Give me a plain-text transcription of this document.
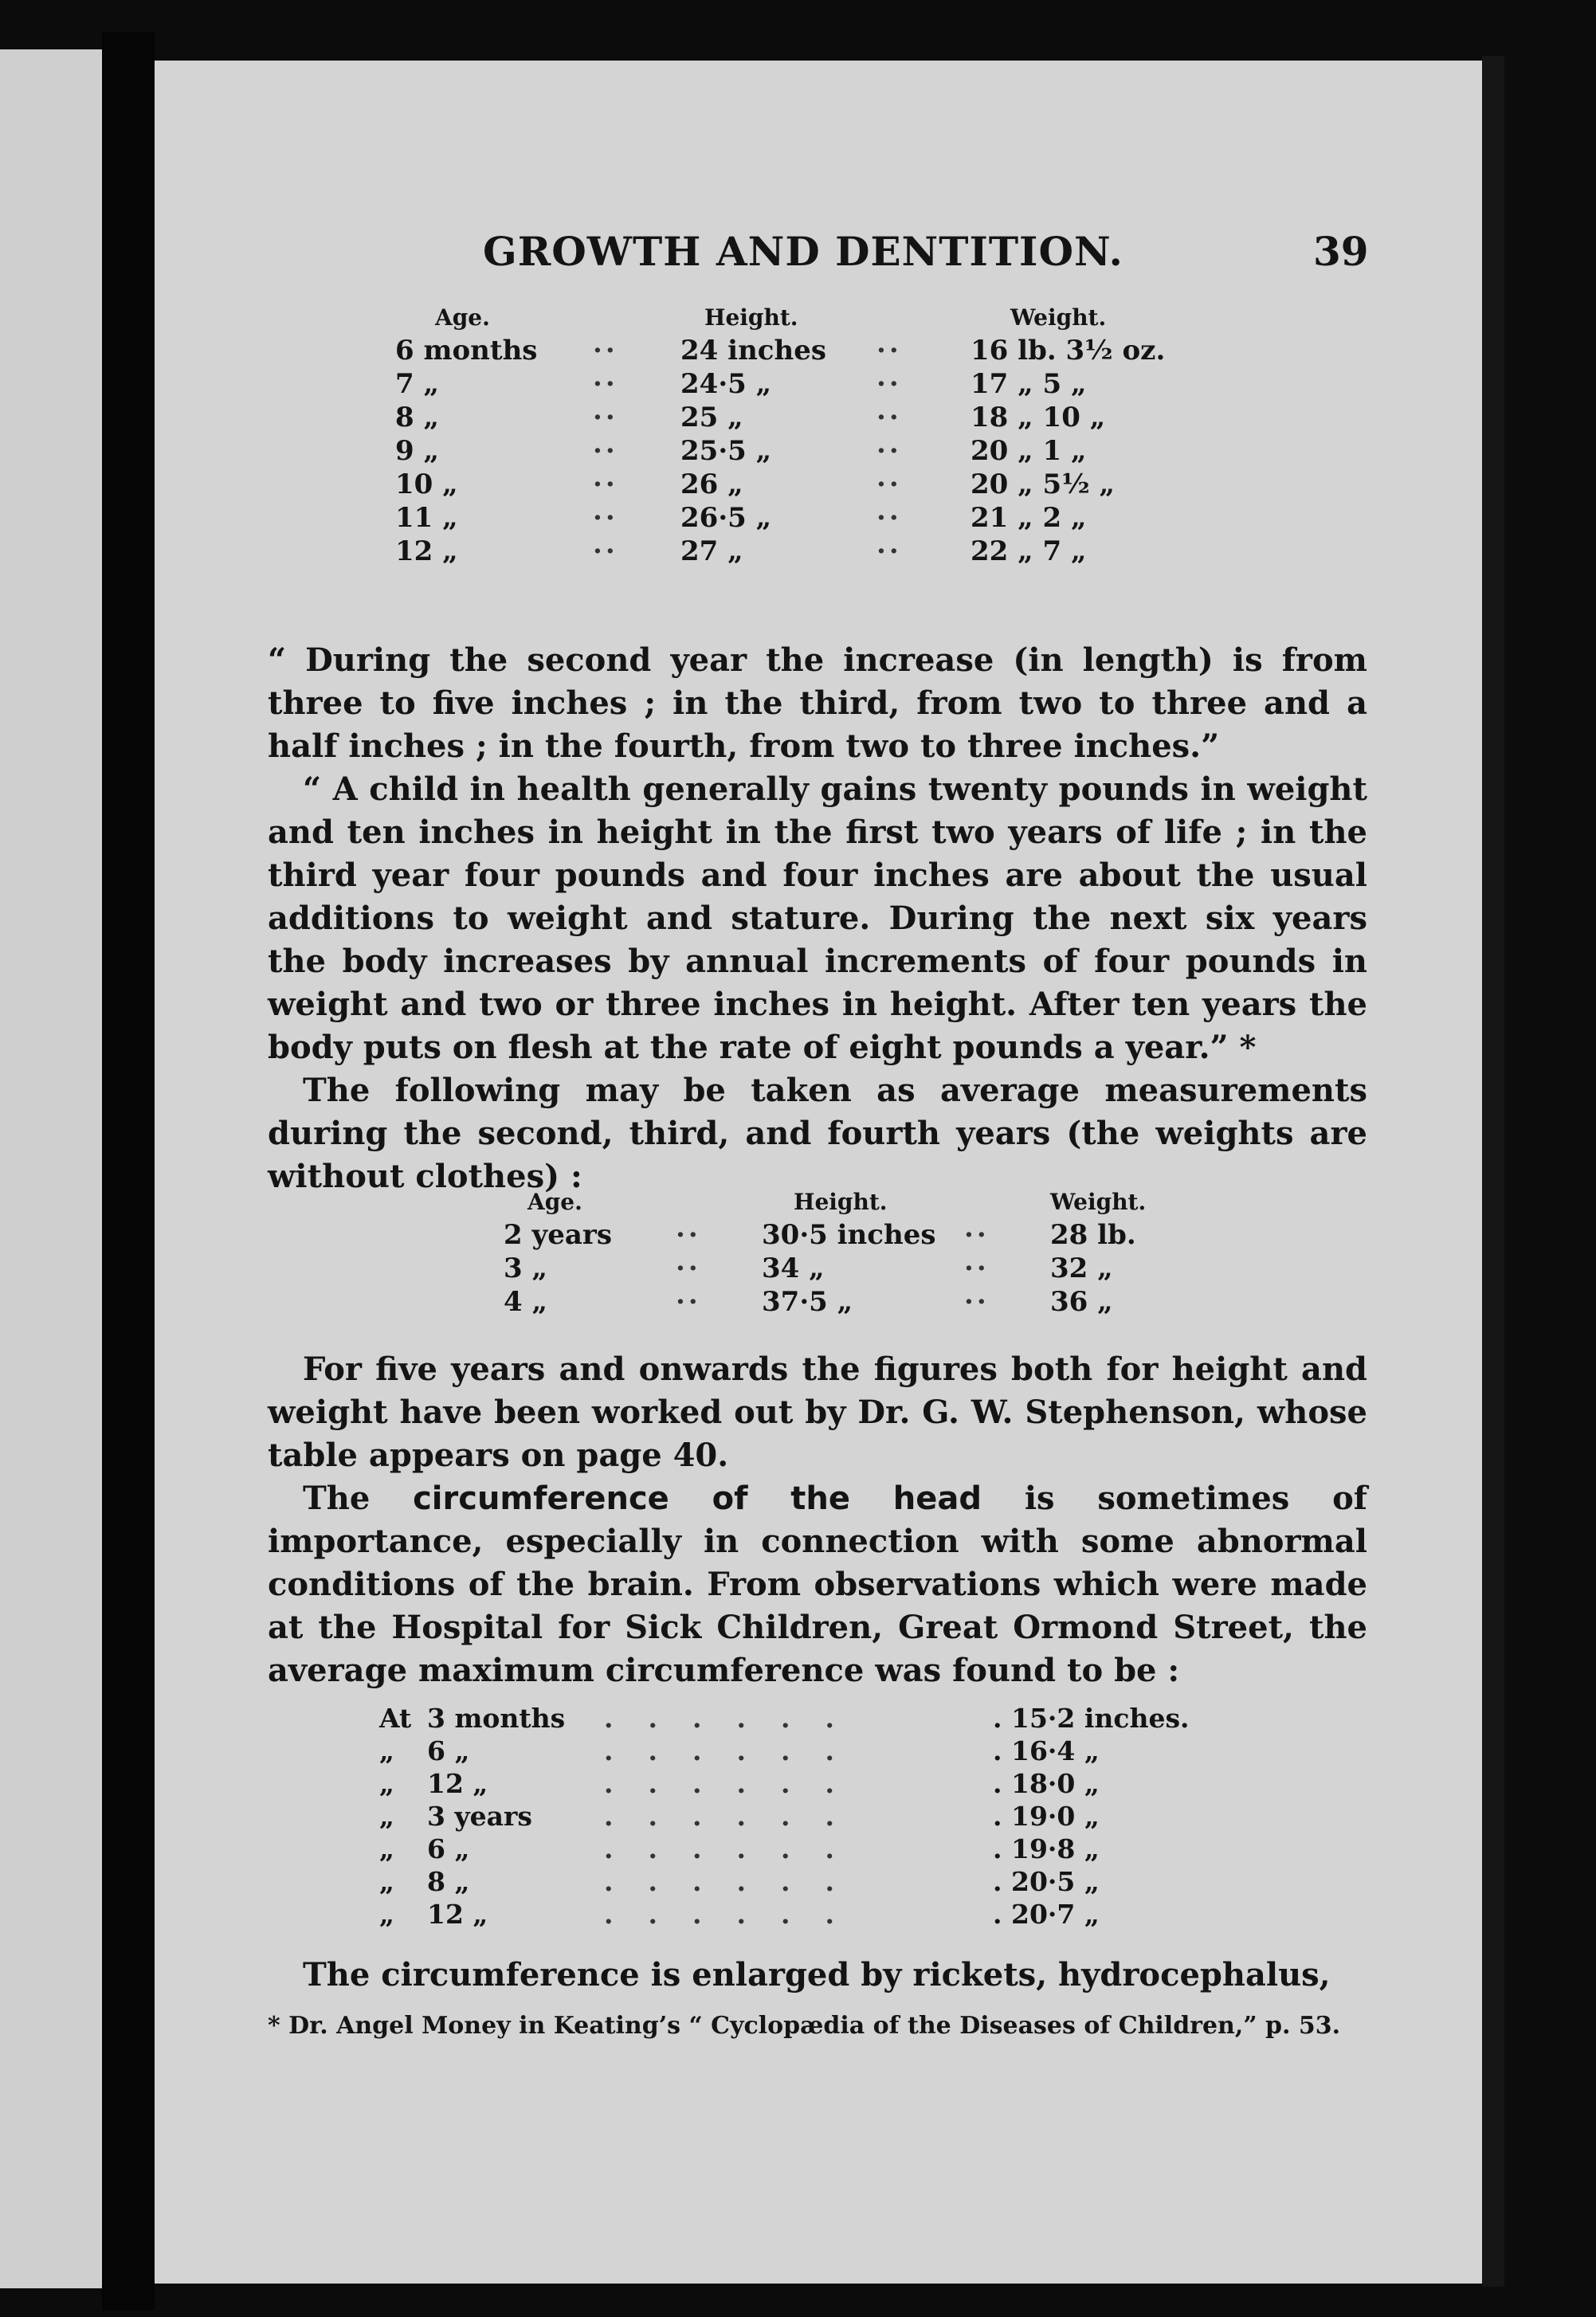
GROWTH AND DENTITION.	39
Age.		Height.		Weight.
6 months	··	24 inches	··	16 lb. 3½ oz.
7 „	··	24·5 „	··	17 „ 5 „
8 „	··	25 „	··	18 „ 10 „
9 „	··	25·5 „	··	20 „ 1 „
10 „	··	26 „	··	20 „ 5½ „
11 „	··	26·5 „	··	21 „ 2 „
12 „	··	27 „	··	22 „ 7 „

“ During the second year the increase (in length) is from three to five inches ; in the third, from two to three and a half inches ; in the fourth, from two to three inches.”

“ A child in health generally gains twenty pounds in weight and ten inches in height in the first two years of life ; in the third year four pounds and four inches are about the usual additions to weight and stature. During the next six years the body increases by annual increments of four pounds in weight and two or three inches in height. After ten years the body puts on flesh at the rate of eight pounds a year.” *

The following may be taken as average measurements during the second, third, and fourth years (the weights are without clothes) :

Age.		Height.		Weight.
2 years	··	30·5 inches	··	28 lb.
3 „	··	34 „	··	32 „
4 „	··	37·5 „	··	36 „

For five years and onwards the figures both for height and weight have been worked out by Dr. G. W. Stephenson, whose table appears on page 40.

The circumference of the head is sometimes of importance, especially in connection with some abnormal conditions of the brain. From observations which were made at the Hospital for Sick Children, Great Ormond Street, the average maximum circumference was found to be :

At	3 months	......	. 15·2 inches.
„	6 „	......	. 16·4 „
„	12 „	......	. 18·0 „
„	3 years	......	. 19·0 „
„	6 „	......	. 19·8 „
„	8 „	......	. 20·5 „
„	12 „	......	. 20·7 „

The circumference is enlarged by rickets, hydrocephalus,

* Dr. Angel Money in Keating’s “ Cyclopædia of the Diseases of Children,” p. 53.
